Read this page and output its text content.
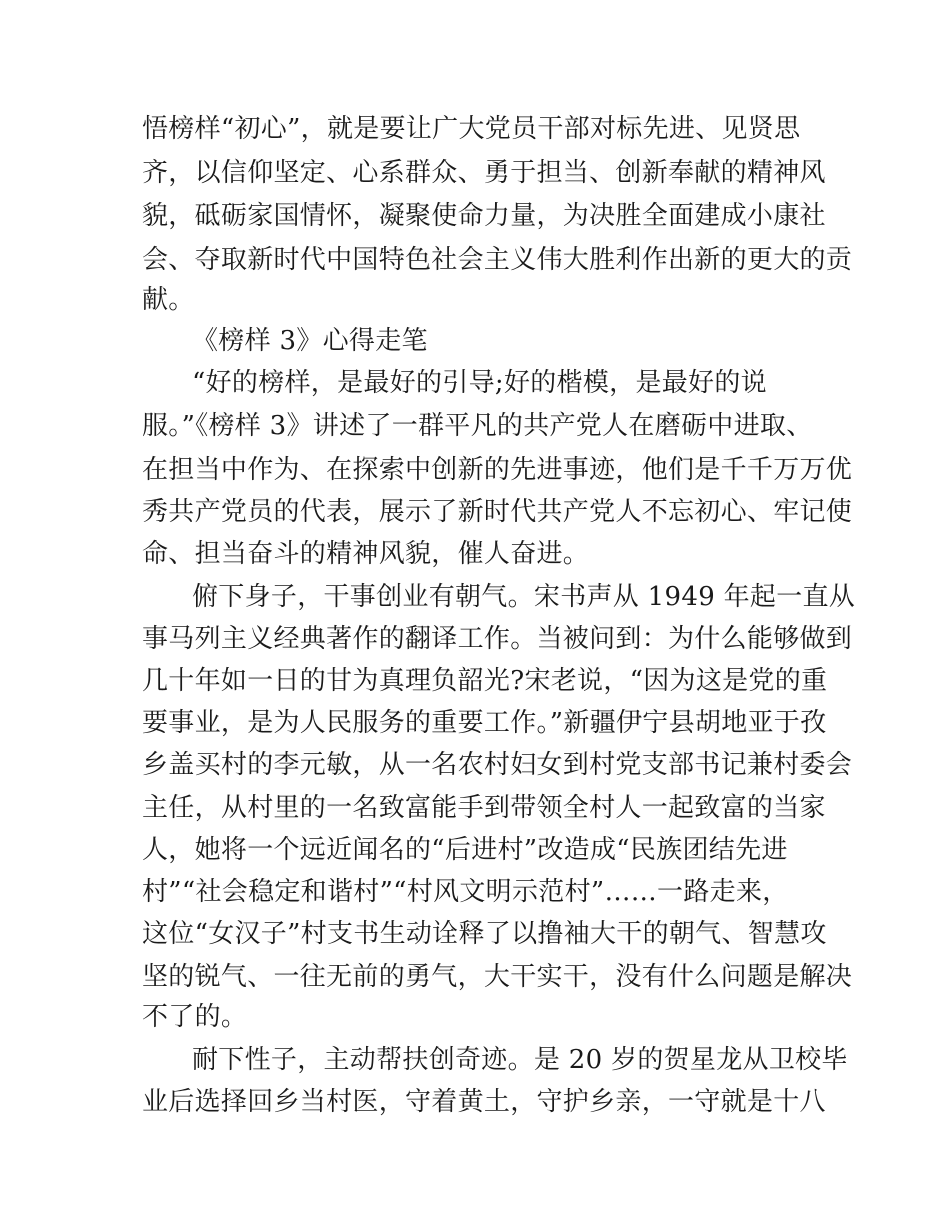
悟榜样“初心”，就是要让广大党员干部对标先进、见贤思
齐，以信仰坚定、心系群众、勇于担当、创新奉献的精神风
貌，砥砺家国情怀，凝聚使命力量，为决胜全面建成小康社
会、夺取新时代中国特色社会主义伟大胜利作出新的更大的贡
献。
《榜样 3》心得走笔
“好的榜样，是最好的引导;好的楷模，是最好的说
服。”《榜样 3》讲述了一群平凡的共产党人在磨砺中进取、
在担当中作为、在探索中创新的先进事迹，他们是千千万万优
秀共产党员的代表，展示了新时代共产党人不忘初心、牢记使
命、担当奋斗的精神风貌，催人奋进。
俯下身子，干事创业有朝气。宋书声从 1949 年起一直从
事马列主义经典著作的翻译工作。当被问到：为什么能够做到
几十年如一日的甘为真理负韶光?宋老说，“因为这是党的重
要事业，是为人民服务的重要工作。”新疆伊宁县胡地亚于孜
乡盖买村的李元敏，从一名农村妇女到村党支部书记兼村委会
主任，从村里的一名致富能手到带领全村人一起致富的当家
人，她将一个远近闻名的“后进村”改造成“民族团结先进
村”“社会稳定和谐村”“村风文明示范村”……一路走来，
这位“女汉子”村支书生动诠释了以撸袖大干的朝气、智慧攻
坚的锐气、一往无前的勇气，大干实干，没有什么问题是解决
不了的。
耐下性子，主动帮扶创奇迹。是 20 岁的贺星龙从卫校毕
业后选择回乡当村医，守着黄土，守护乡亲，一守就是十八
